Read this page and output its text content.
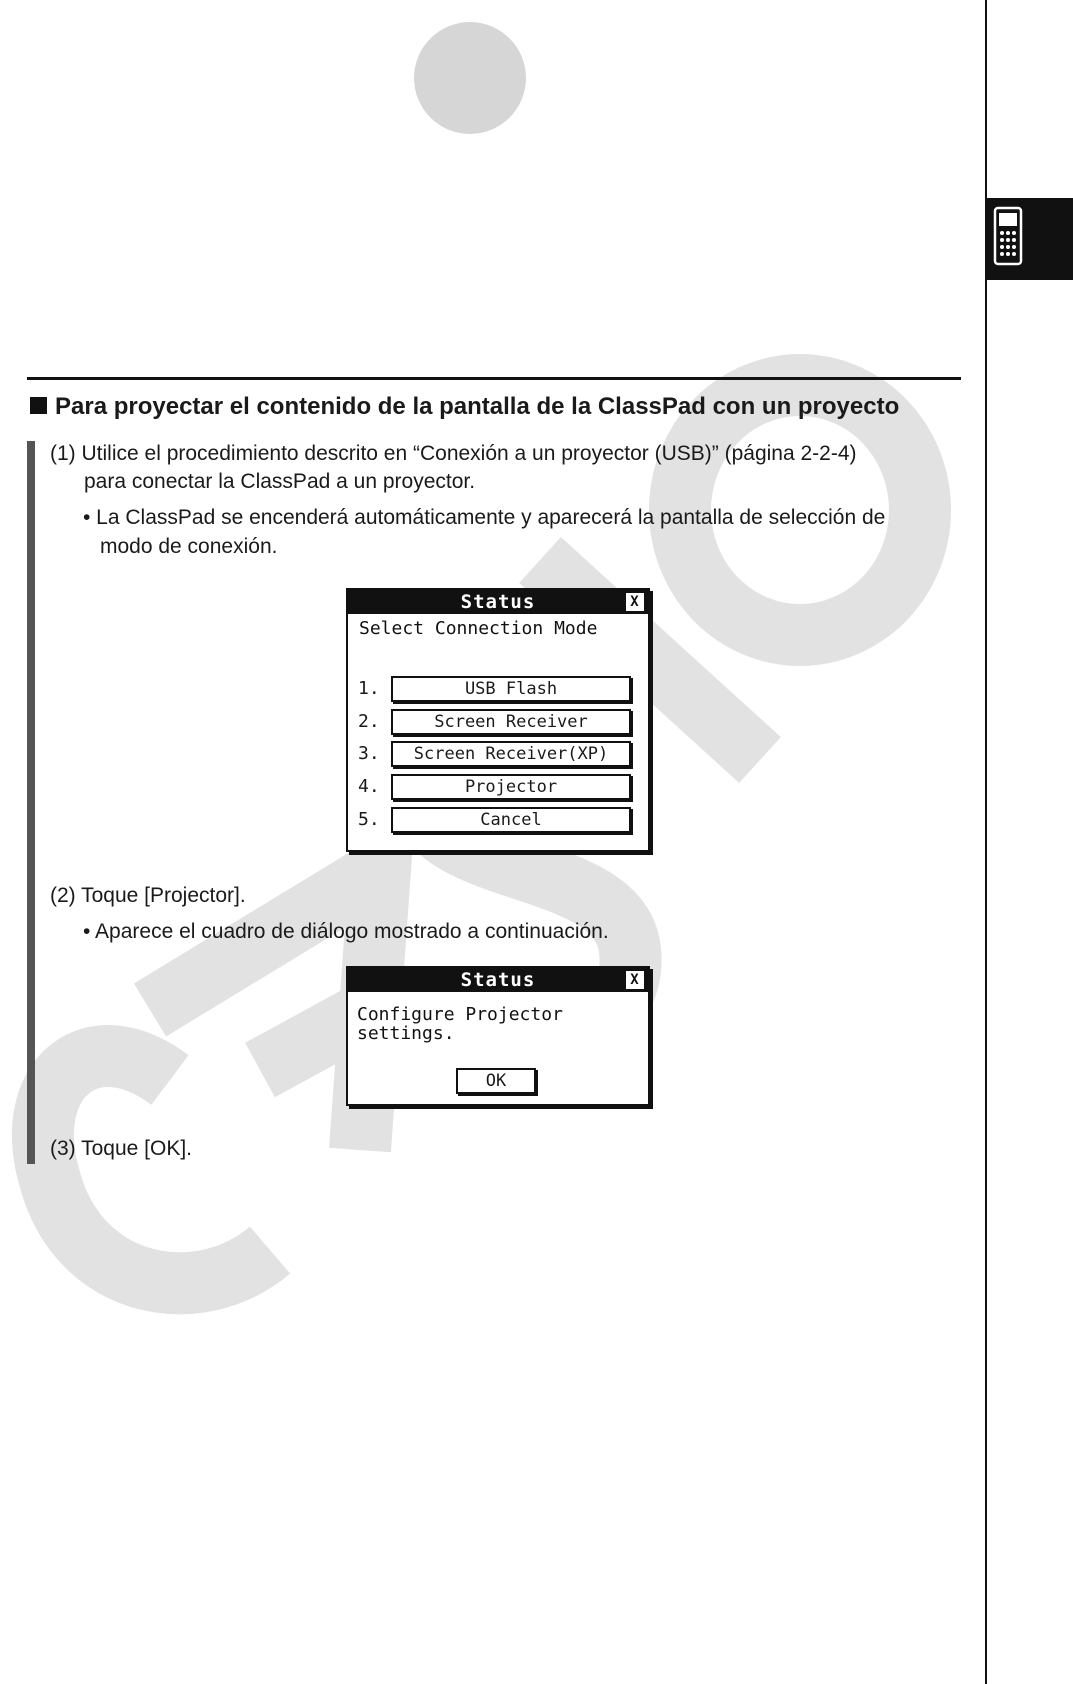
Para proyectar el contenido de la pantalla de la ClassPad con un proyecto
(1) Utilice el procedimiento descrito en “Conexión a un proyector (USB)” (página 2-2-4)
para conectar la ClassPad a un proyector.
• La ClassPad se encenderá automáticamente y aparecerá la pantalla de selección de
modo de conexión.
Status	X
Select Connection Mode
1.	USB Flash
2.	Screen Receiver
3.	Screen Receiver(XP)
4.	Projector
5.	Cancel
(2) Toque [Projector].
• Aparece el cuadro de diálogo mostrado a continuación.
Status	X
Configure Projector
settings.
OK
(3) Toque [OK].
